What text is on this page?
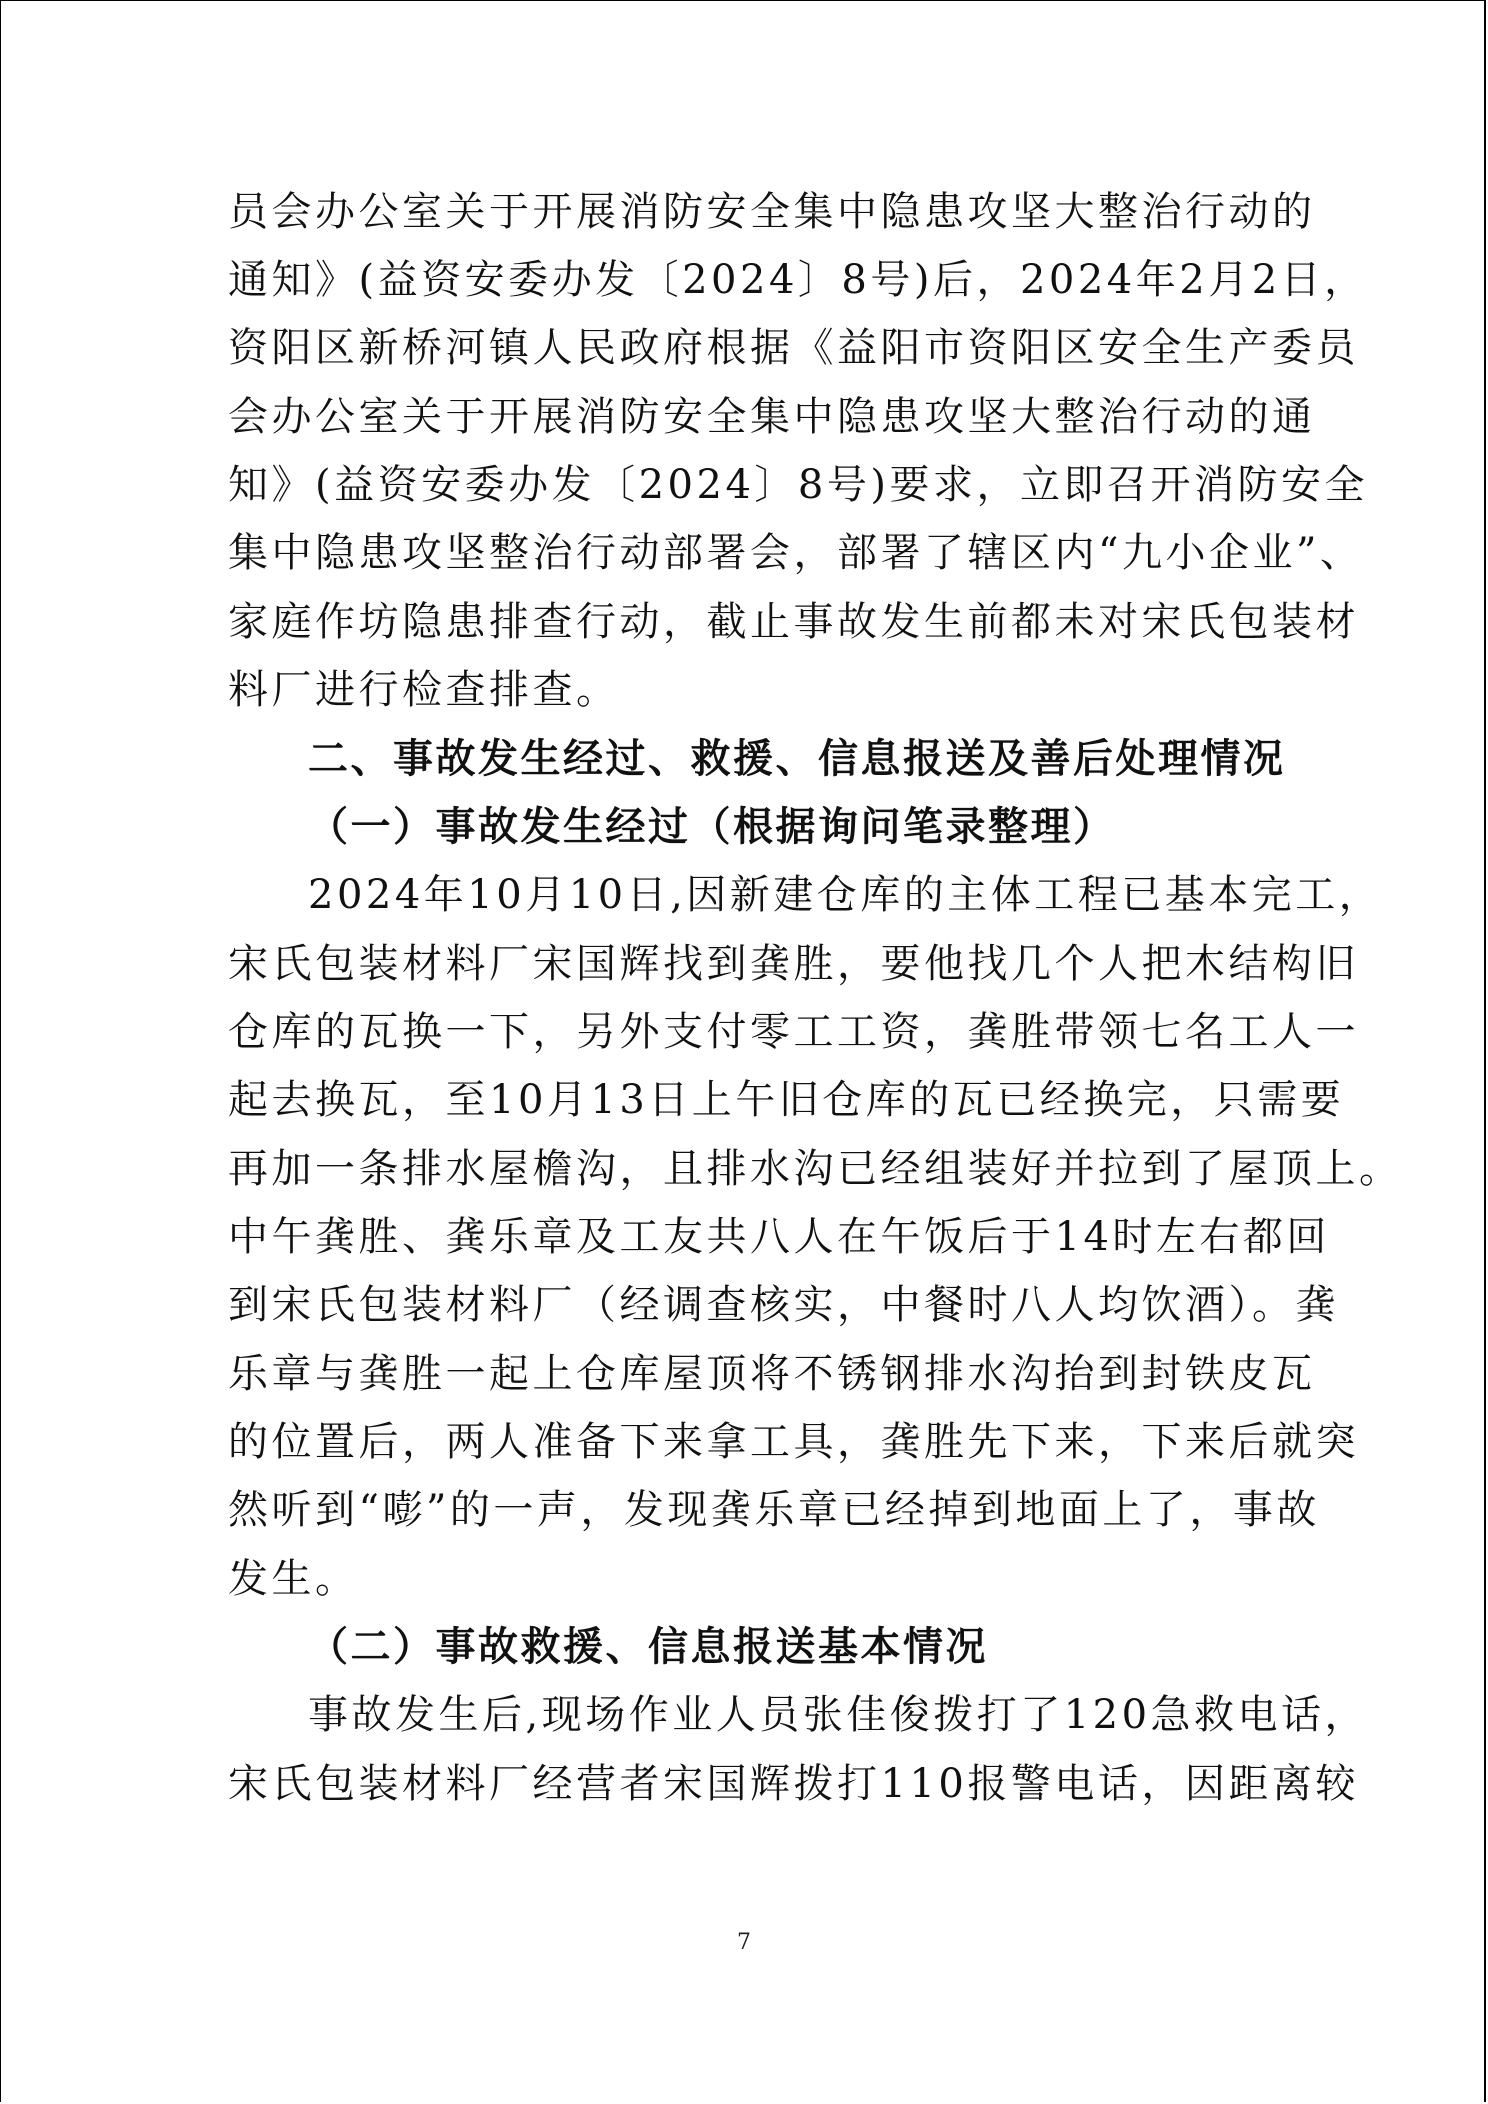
员会办公室关于开展消防安全集中隐患攻坚大整治行动的
通知》(益资安委办发〔2024〕8号)后，2024年2月2日，
资阳区新桥河镇人民政府根据《益阳市资阳区安全生产委员
会办公室关于开展消防安全集中隐患攻坚大整治行动的通
知》(益资安委办发〔2024〕8号)要求，立即召开消防安全
集中隐患攻坚整治行动部署会，部署了辖区内“九小企业”、
家庭作坊隐患排查行动，截止事故发生前都未对宋氏包装材
料厂进行检查排查。
二、事故发生经过、救援、信息报送及善后处理情况
（一）事故发生经过（根据询问笔录整理）
2024年10月10日,因新建仓库的主体工程已基本完工，
宋氏包装材料厂宋国辉找到龚胜，要他找几个人把木结构旧
仓库的瓦换一下，另外支付零工工资，龚胜带领七名工人一
起去换瓦，至10月13日上午旧仓库的瓦已经换完，只需要
再加一条排水屋檐沟，且排水沟已经组装好并拉到了屋顶上。
中午龚胜、龚乐章及工友共八人在午饭后于14时左右都回
到宋氏包装材料厂（经调查核实，中餐时八人均饮酒）。龚
乐章与龚胜一起上仓库屋顶将不锈钢排水沟抬到封铁皮瓦
的位置后，两人准备下来拿工具，龚胜先下来，下来后就突
然听到“嘭”的一声，发现龚乐章已经掉到地面上了，事故
发生。
（二）事故救援、信息报送基本情况
事故发生后,现场作业人员张佳俊拨打了120急救电话，
宋氏包装材料厂经营者宋国辉拨打110报警电话，因距离较
7
